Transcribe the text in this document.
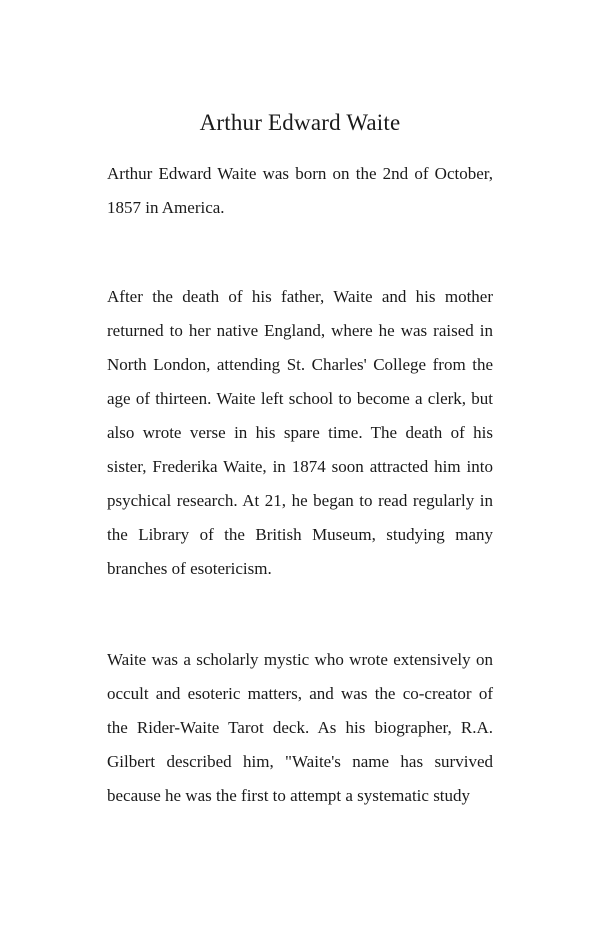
Arthur Edward Waite

Arthur Edward Waite was born on the 2nd of October, 1857 in America.

After the death of his father, Waite and his mother returned to her native England, where he was raised in North London, attending St. Charles' College from the age of thirteen. Waite left school to become a clerk, but also wrote verse in his spare time. The death of his sister, Frederika Waite, in 1874 soon attracted him into psychical research. At 21, he began to read regularly in the Library of the British Museum, studying many branches of esotericism.

Waite was a scholarly mystic who wrote extensively on occult and esoteric matters, and was the co-creator of the Rider-Waite Tarot deck. As his biographer, R.A. Gilbert described him, "Waite's name has survived because he was the first to attempt a systematic study
